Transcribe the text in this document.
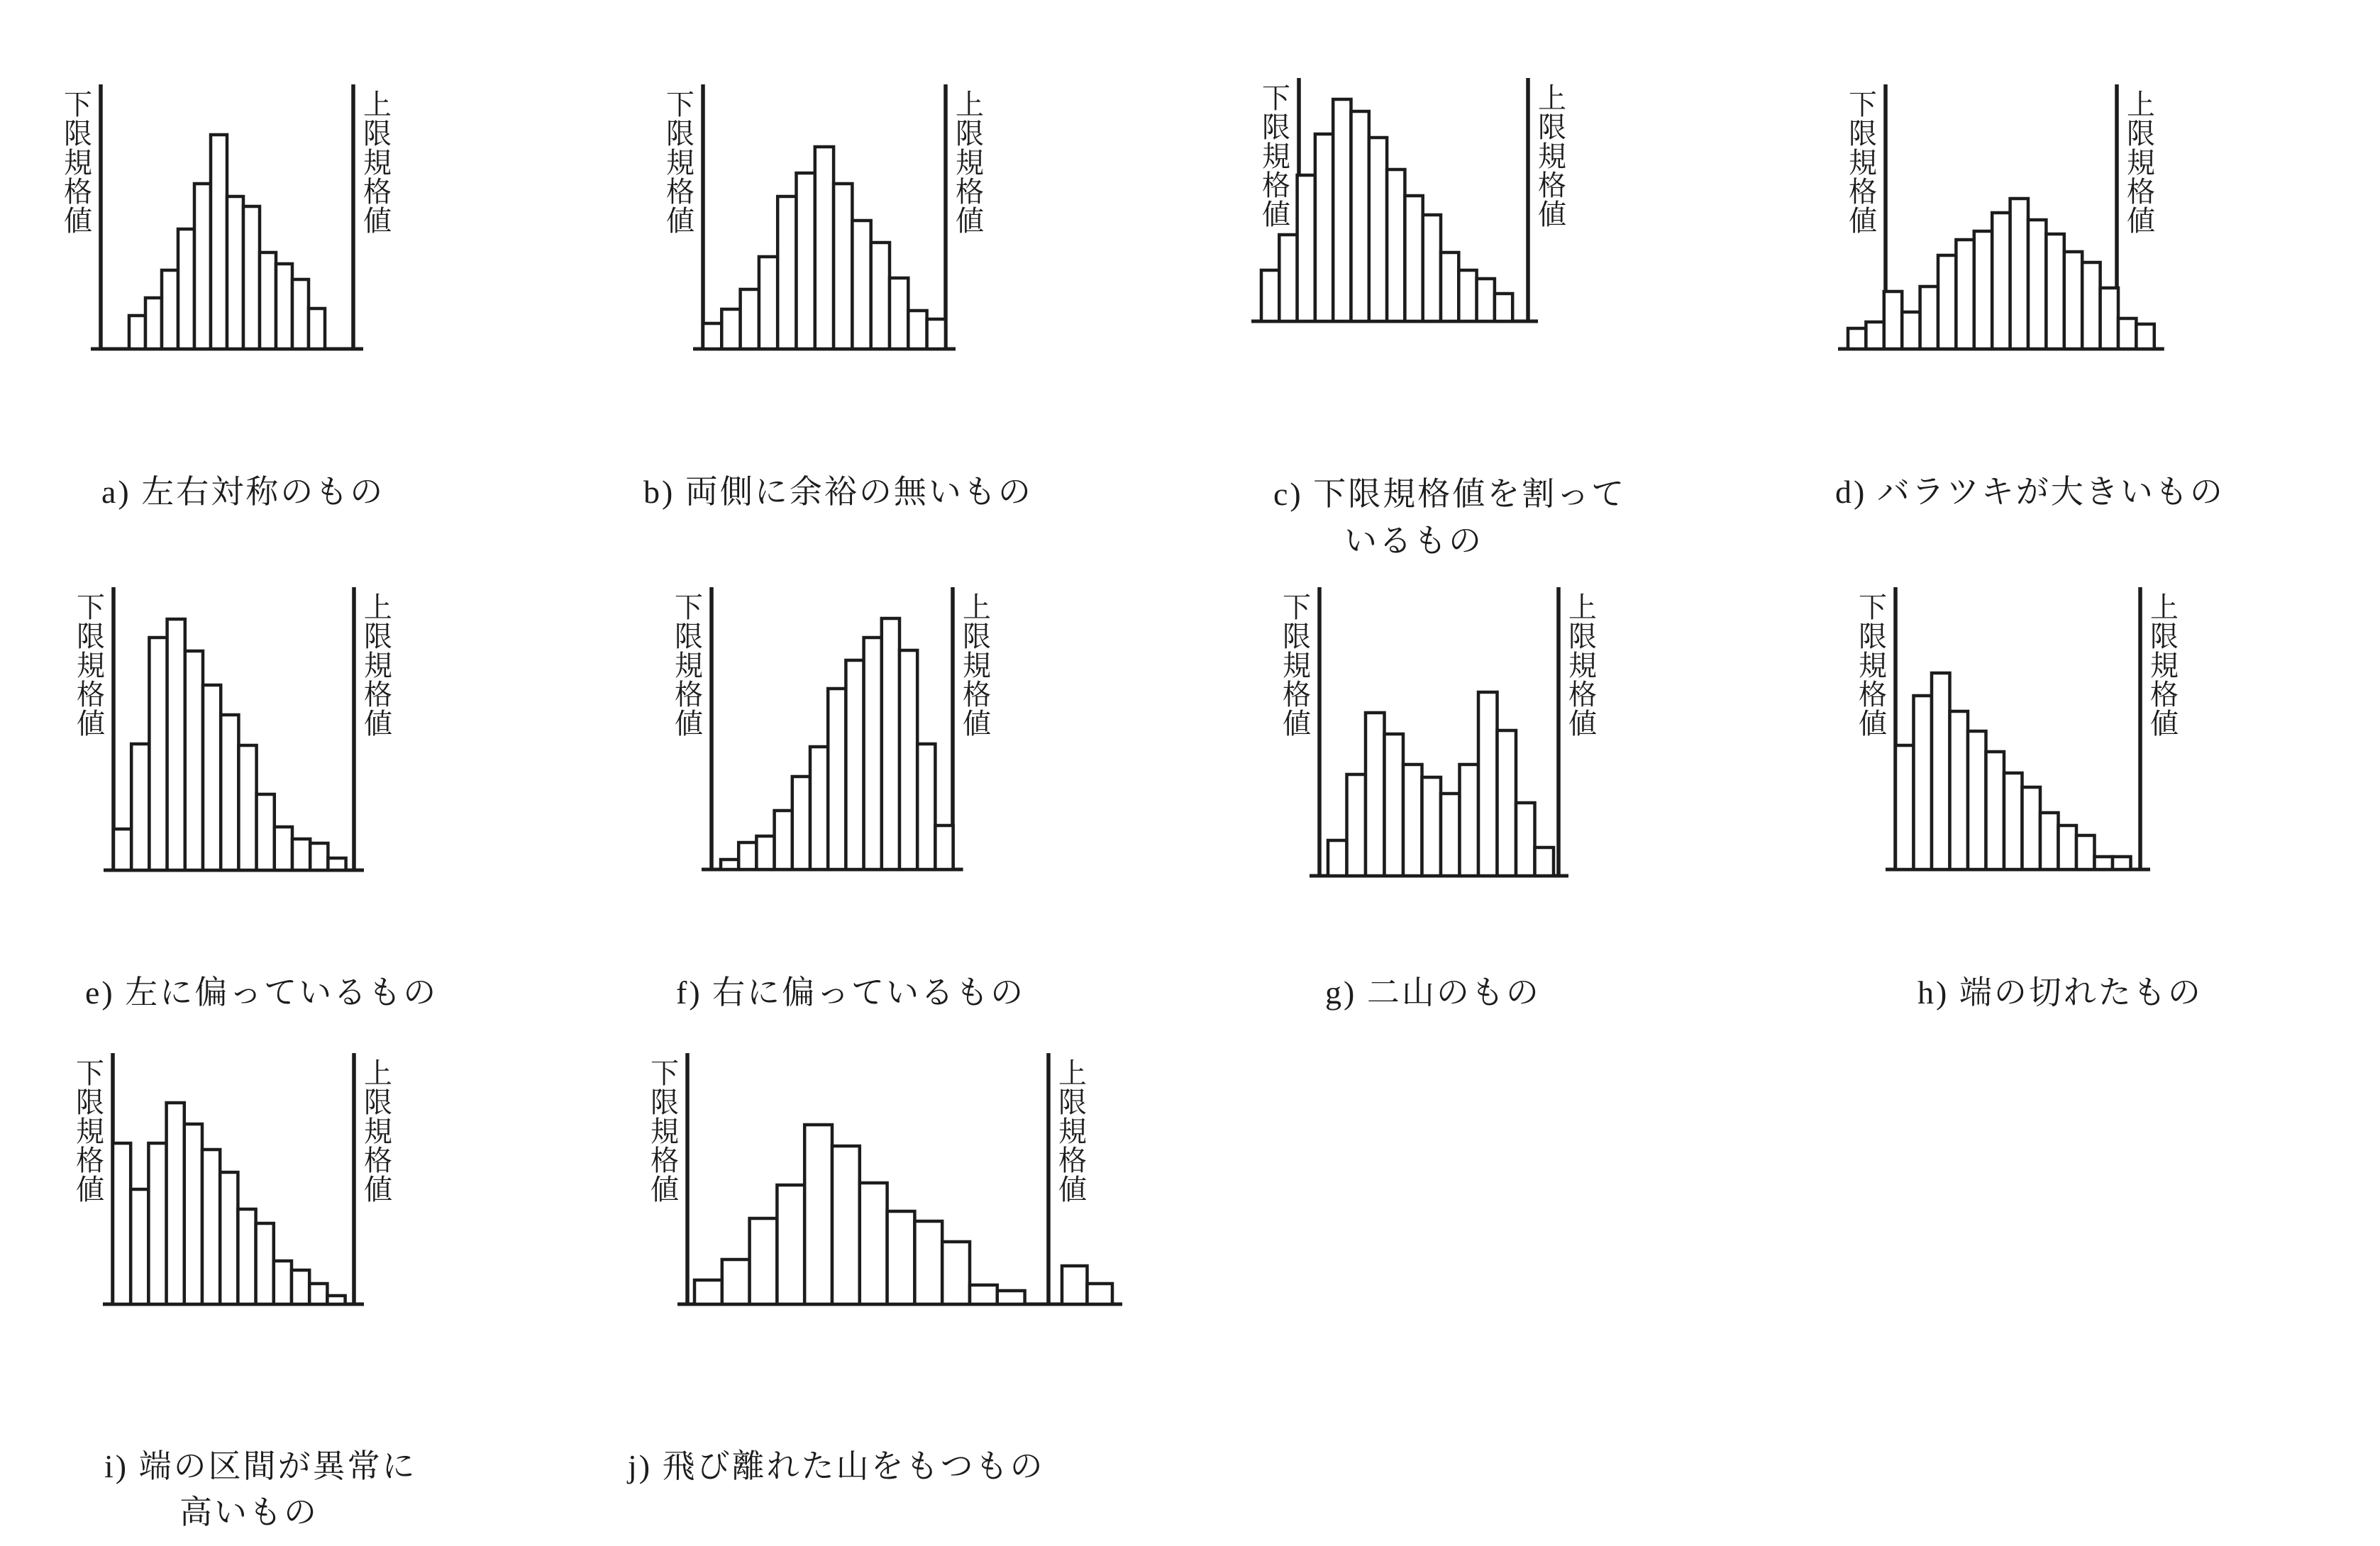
下
限
規
格
値
上
限
規
格
値
a) 左右対称のもの
下
限
規
格
値
上
限
規
格
値
b) 両側に余裕の無いもの
下
限
規
格
値
上
限
規
格
値
c) 下限規格値を割って
いるもの
下
限
規
格
値
上
限
規
格
値
d) バラツキが大きいもの
下
限
規
格
値
上
限
規
格
値
e) 左に偏っているもの
下
限
規
格
値
上
限
規
格
値
f) 右に偏っているもの
下
限
規
格
値
上
限
規
格
値
g) 二山のもの
下
限
規
格
値
上
限
規
格
値
h) 端の切れたもの
下
限
規
格
値
上
限
規
格
値
i) 端の区間が異常に
高いもの
下
限
規
格
値
上
限
規
格
値
j) 飛び離れた山をもつもの
